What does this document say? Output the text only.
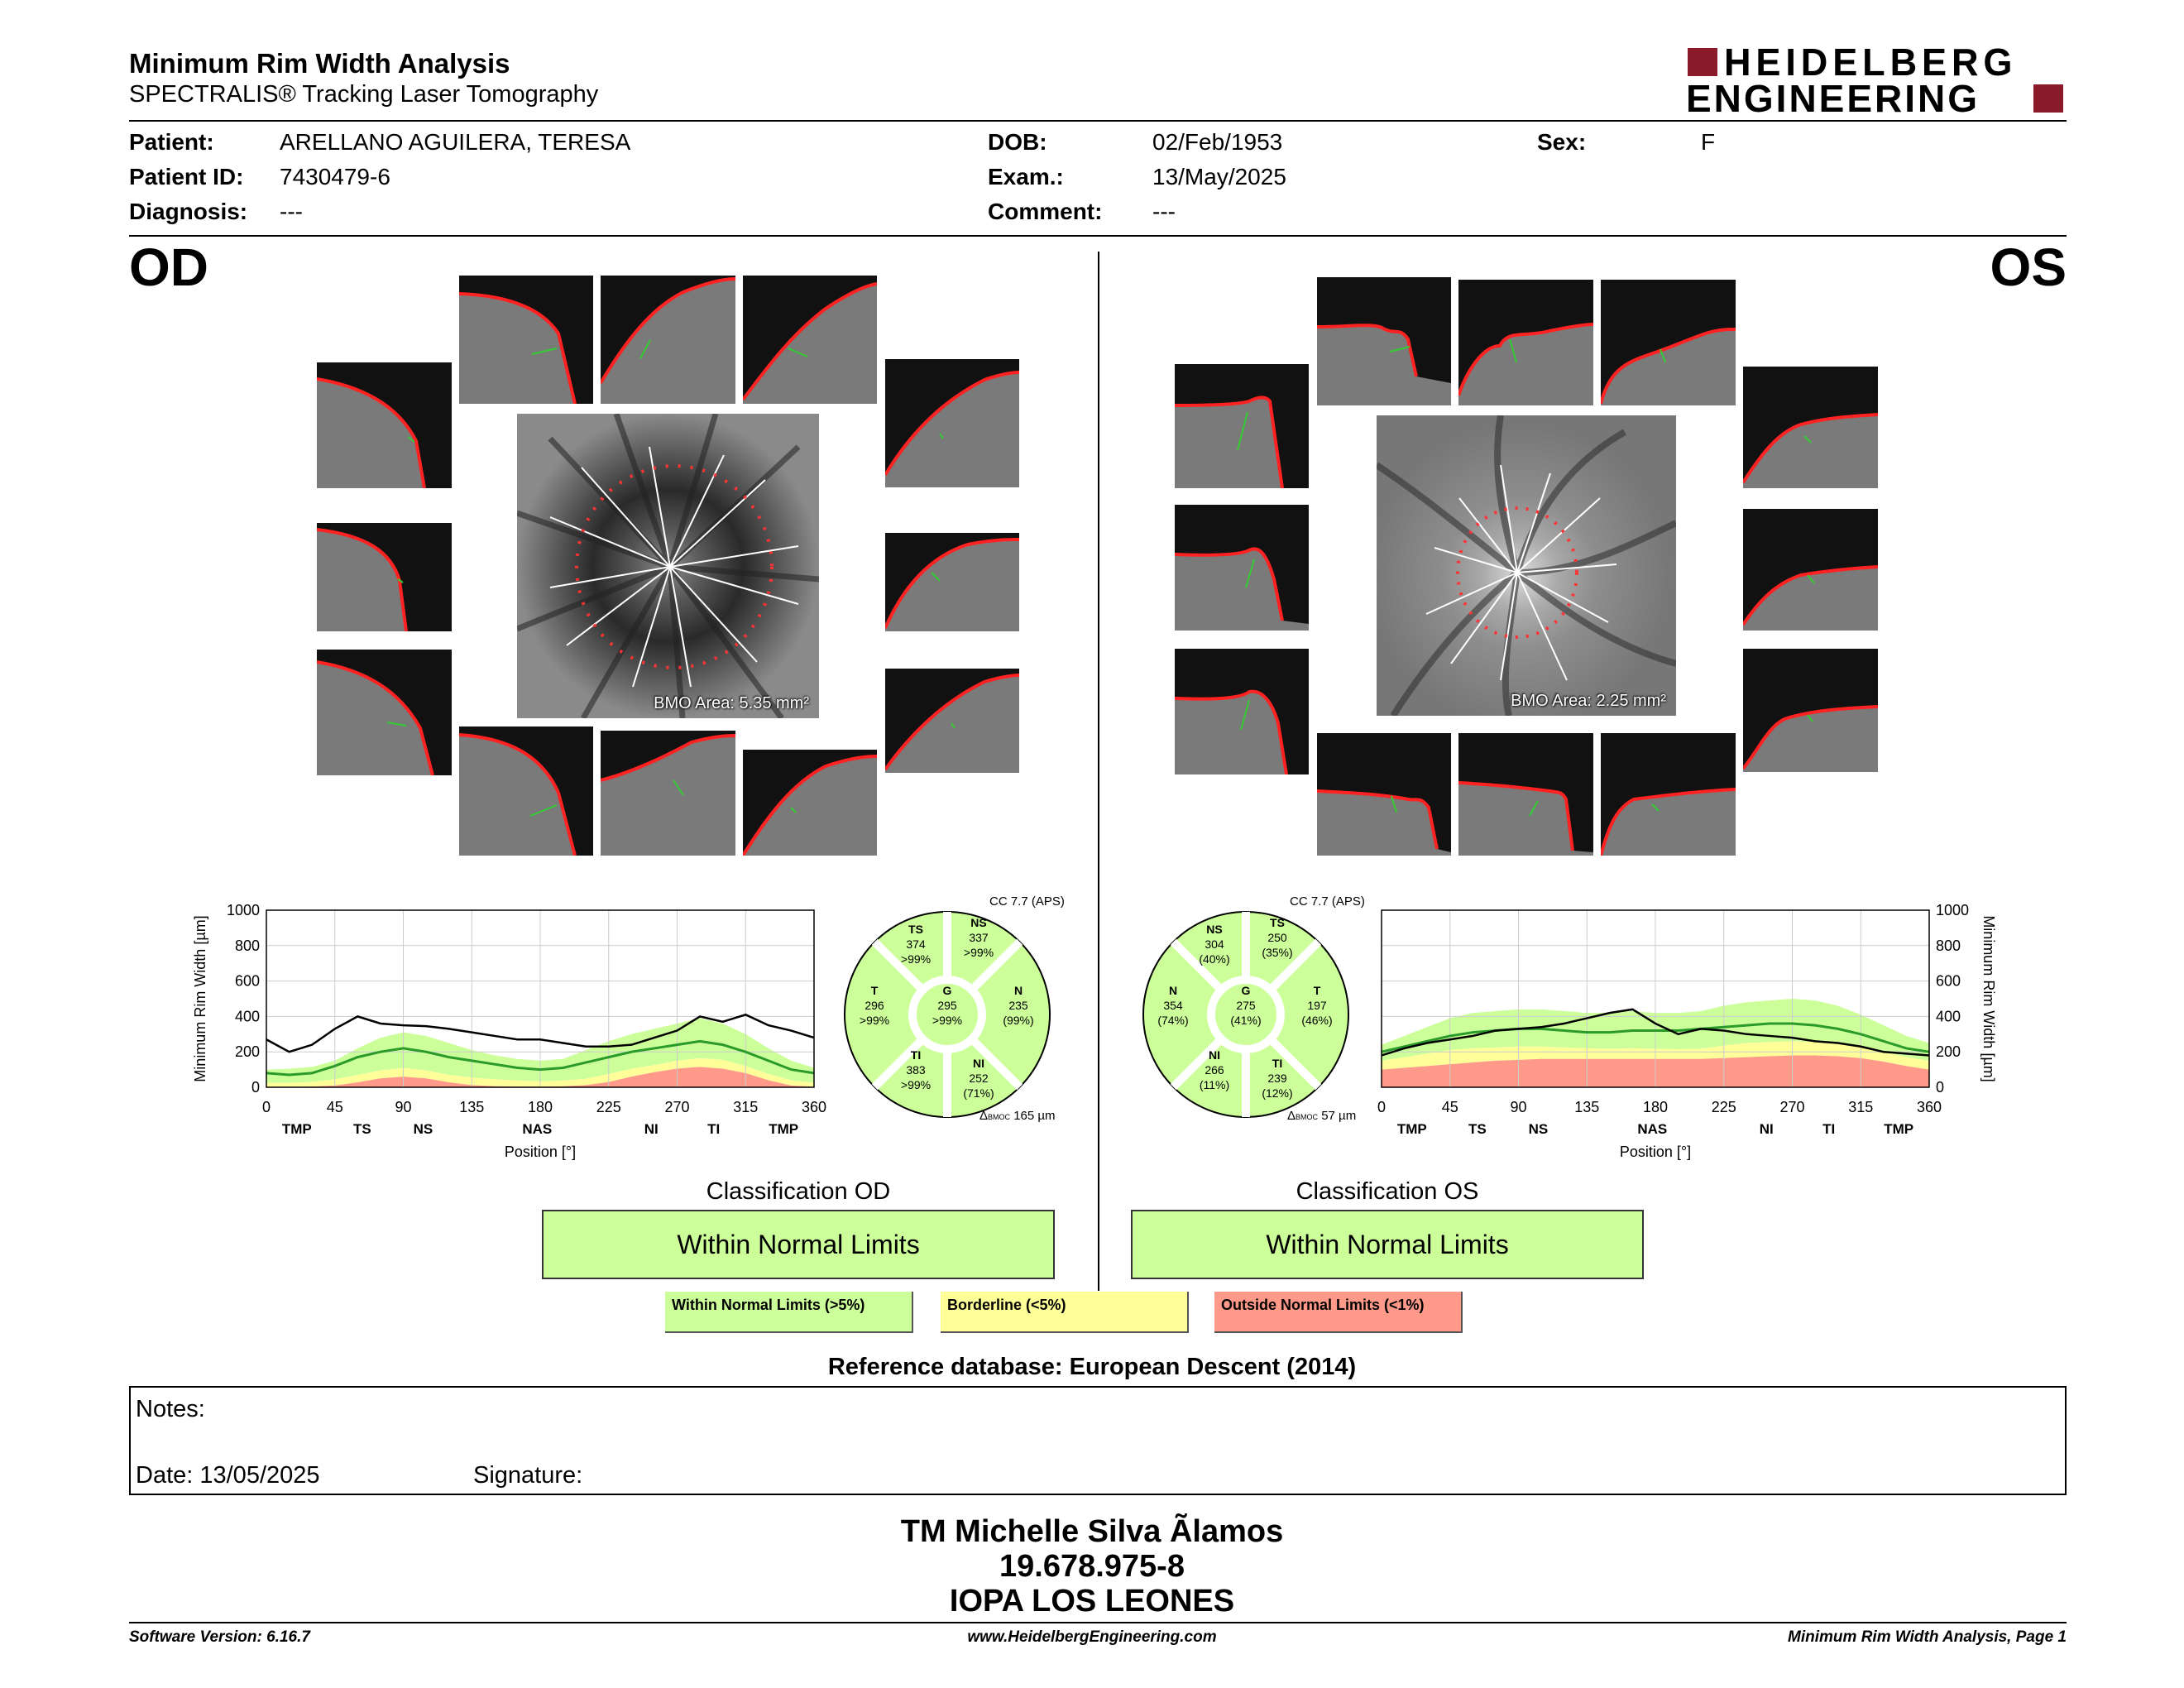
Minimum Rim Width Analysis
SPECTRALIS® Tracking Laser Tomography
HEIDELBERG
ENGINEERING
Patient:	ARELLANO AGUILERA, TERESA
Patient ID: 7430479-6
Diagnosis: ---
DOB:	02/Feb/1953
Exam.:	13/May/2025
Comment: ---
Sex:	F
OD	OS
BMO Area: 5.35 mm²	BMO Area: 2.25 mm²
0
200
400
600
800
1000
0	45	90	135	180	225	270	315	360
TMP	TS	NS	NAS	NI	TI	TMP
Position [°]
Minimum Rim Width [µm]
0
200
400
600
800
1000
0	45	90	135	180	225	270	315	360
TMP	TS	NS	NAS	NI	TI	TMP
Position [°]
Minimum Rim Width [µm]
CC 7.7 (APS)
TS
374
>99%
NS
337
>99%
T
296
>99%
G
295
>99%
N
235
(99%)
TI
383
>99%
NI
252
(71%)
ΔBMOC 165 µm
CC 7.7 (APS)
NS
304
(40%)
TS
250
(35%)
N
354
(74%)
G
275
(41%)
T
197
(46%)
NI
266
(11%)
TI
239
(12%)
ΔBMOC 57 µm
Classification OD
Within Normal Limits
Classification OS
Within Normal Limits
Within Normal Limits (>5%)	Borderline (<5%)	Outside Normal Limits (<1%)
Reference database: European Descent (2014)
Notes:
Date: 13/05/2025	Signature:
TM Michelle Silva Ãlamos
19.678.975-8
IOPA LOS LEONES
Software Version: 6.16.7	www.HeidelbergEngineering.com	Minimum Rim Width Analysis, Page 1
